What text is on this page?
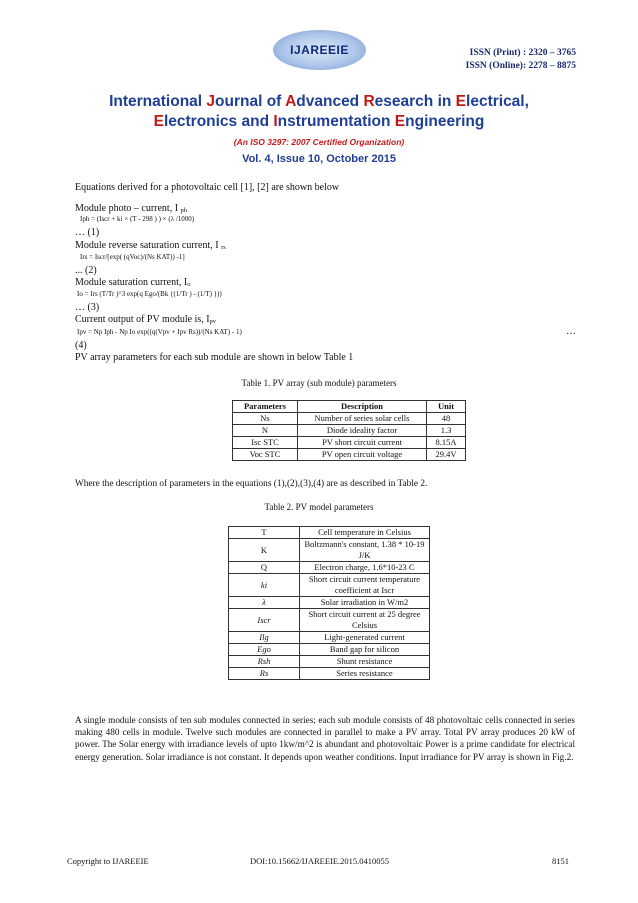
ISSN (Print) : 2320 – 3765
ISSN (Online): 2278 – 8875
IJAREEIE
International Journal of Advanced Research in Electrical,
Electronics and Instrumentation Engineering
(An ISO 3297: 2007 Certified Organization)
Vol. 4, Issue 10, October 2015
Equations derived for a photovoltaic cell [1], [2] are shown below
Module photo – current, I ph
Iph = (Iscr + ki × (T - 298 ) ) × (λ /1000)
… (1)
Module reverse saturation current, I rs
Irs = Iscr/[exp( (qVoc)/(Ns KAT)) -1]
... (2)
Module saturation current, Io
Io = Irs (T/Tr )^3 exp(q Ego/(Bk {(1/Tr ) - (1/T) }))
… (3)
Current output of PV module is, Ipv
Ipv = Np Iph - Np Io exp((q(Vpv + Ipv Rs))/(Ns KAT) - 1)	…
(4)
PV array parameters for each sub module are shown in below Table 1
Table 1. PV array (sub module) parameters
Parameters	Description	Unit
Ns	Number of series solar cells	48
N	Diode ideality factor	1.3
Isc STC	PV short circuit current	8.15A
Voc STC	PV open circuit voltage	29.4V
Where the description of parameters in the equations (1),(2),(3),(4) are as described in Table 2.
Table 2. PV model parameters
T	Cell temperature in Celsius
K	Boltzmann's constant, 1.38 * 10-19 J/K
Q	Electron charge, 1.6*10-23 C
ki	Short circuit current temperature coefficient at Iscr
λ	Solar irradiation in W/m2
Iscr	Short circuit current at 25 degree Celsius
Ilg	Light-generated current
Ego	Band gap for silicon
Rsh	Shunt resistance
Rs	Series resistance
A single module consists of ten sub modules connected in series; each sub module consists of 48 photovoltaic cells connected in series making 480 cells in module. Twelve such modules are connected in parallel to make a PV array. Total PV array produces 20 kW of power. The Solar energy with irradiance levels of upto 1kw/m^2 is abundant and photovoltaic Power is a prime candidate for electrical energy generation. Solar irradiance is not constant. It depends upon weather conditions. Input irradiance for PV array is shown in Fig.2.
Copyright to IJAREEIE	DOI:10.15662/IJAREEIE.2015.0410055	8151
